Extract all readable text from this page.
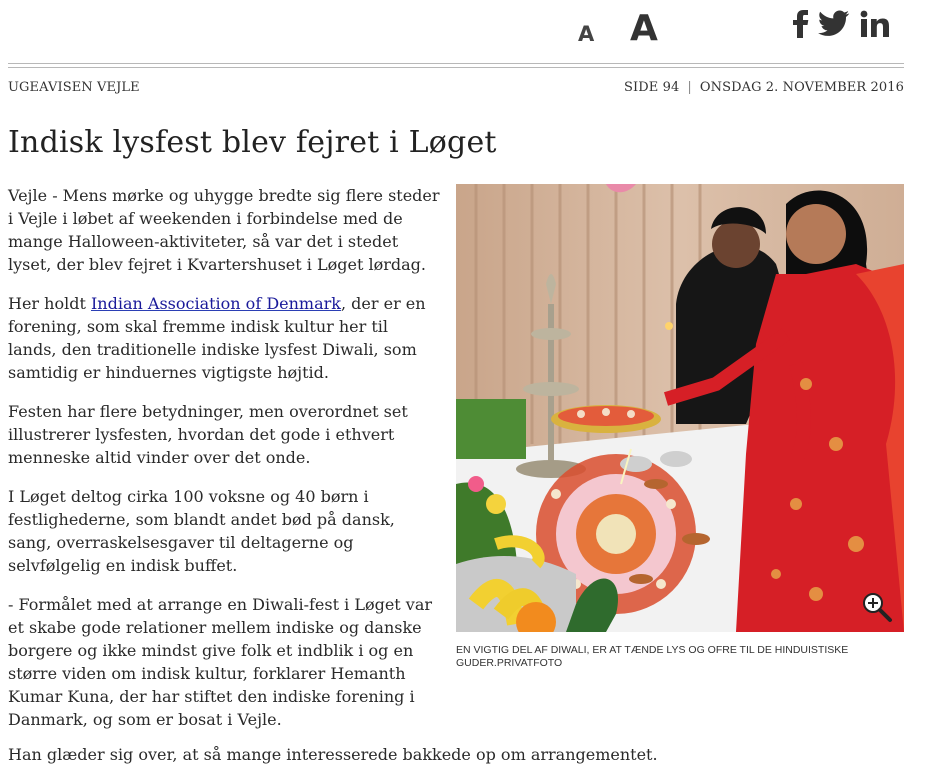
A A
UGEAVISEN VEJLE	SIDE 94 | ONSDAG 2. NOVEMBER 2016
Indisk lysfest blev fejret i Løget

Vejle - Mens mørke og uhygge bredte sig flere steder i Vejle i løbet af weekenden i forbindelse med de mange Halloween-aktiviteter, så var det i stedet lyset, der blev fejret i Kvartershuset i Løget lørdag.

Her holdt Indian Association of Denmark, der er en forening, som skal fremme indisk kultur her til lands, den traditionelle indiske lysfest Diwali, som samtidig er hinduernes vigtigste højtid.

Festen har flere betydninger, men overordnet set illustrerer lysfesten, hvordan det gode i ethvert menneske altid vinder over det onde.

I Løget deltog cirka 100 voksne og 40 børn i festlighederne, som blandt andet bød på dansk, sang, overraskelsesgaver til deltagerne og selvfølgelig en indisk buffet.

- Formålet med at arrange en Diwali-fest i Løget var et skabe gode relationer mellem indiske og danske borgere og ikke mindst give folk et indblik i og en større viden om indisk kultur, forklarer Hemanth Kumar Kuna, der har stiftet den indiske forening i Danmark, og som er bosat i Vejle.

Han glæder sig over, at så mange interesserede bakkede op om arrangementet.

EN VIGTIG DEL AF DIWALI, ER AT TÆNDE LYS OG OFRE TIL DE HINDUISTISKE GUDER.PRIVATFOTO
